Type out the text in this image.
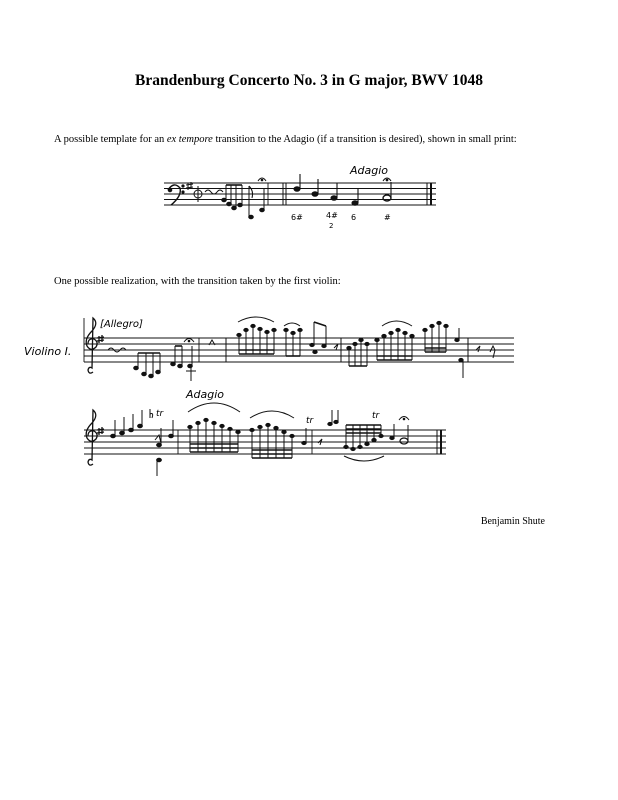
Brandenburg Concerto No. 3 in G major, BWV 1048
A possible template for an ex tempore transition to the Adagio (if a transition is desired), shown in small print:
One possible realization, with the transition taken by the first violin:
Benjamin Shute
Adagio
6#	4#
2
6	#
Violino I.
[Allegro]
Adagio
tr
tr	tr
